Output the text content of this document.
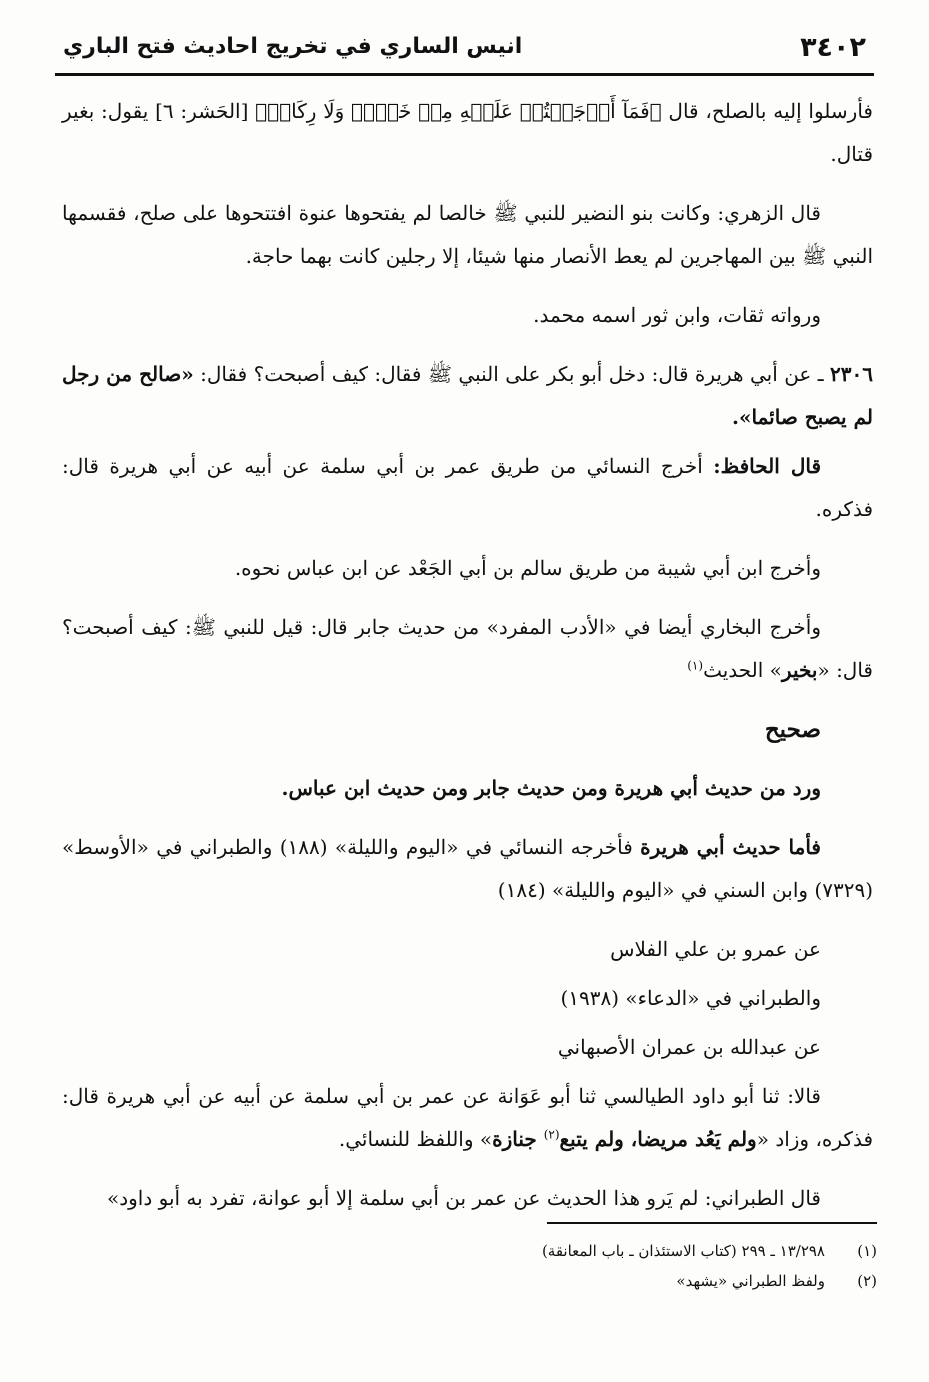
٣٤٠٢
انيس الساري في تخريج احاديث فتح الباري

فأرسلوا إليه بالصلح، قال ﴿فَمَآ أَوۡجَفۡتُمۡ عَلَيۡهِ مِنۡ خَيۡلٖ وَلَا رِكَابٖ﴾ [الحَشر: ٦] يقول: بغير قتال.

قال الزهري: وكانت بنو النضير للنبي ﷺ خالصا لم يفتحوها عنوة افتتحوها على صلح، فقسمها النبي ﷺ بين المهاجرين لم يعط الأنصار منها شيئا، إلا رجلين كانت بهما حاجة.

ورواته ثقات، وابن ثور اسمه محمد.

٢٣٠٦ ـ عن أبي هريرة قال: دخل أبو بكر على النبي ﷺ فقال: كيف أصبحت؟ فقال: «صالح من رجل لم يصبح صائما».

قال الحافظ: أخرج النسائي من طريق عمر بن أبي سلمة عن أبيه عن أبي هريرة قال: فذكره.

وأخرج ابن أبي شيبة من طريق سالم بن أبي الجَعْد عن ابن عباس نحوه.

وأخرج البخاري أيضا في «الأدب المفرد» من حديث جابر قال: قيل للنبي ﷺ: كيف أصبحت؟ قال: «بخير» الحديث$^{(١)}$

صحيح

ورد من حديث أبي هريرة ومن حديث جابر ومن حديث ابن عباس.

فأما حديث أبي هريرة فأخرجه النسائي في «اليوم والليلة» (١٨٨) والطبراني في «الأوسط» (٧٣٢٩) وابن السني في «اليوم والليلة» (١٨٤)

عن عمرو بن علي الفلاس

والطبراني في «الدعاء» (١٩٣٨)

عن عبدالله بن عمران الأصبهاني

قالا: ثنا أبو داود الطيالسي ثنا أبو عَوَانة عن عمر بن أبي سلمة عن أبيه عن أبي هريرة قال: فذكره، وزاد «ولم يَعُد مريضا، ولم يتبع$^{(٢)}$ جنازة» واللفظ للنسائي.

قال الطبراني: لم يَرو هذا الحديث عن عمر بن أبي سلمة إلا أبو عوانة، تفرد به أبو داود»

(١)
١٣/٢٩٨ ـ ٢٩٩ (كتاب الاستئذان ـ باب المعانقة)
(٢)
ولفظ الطبراني «يشهد»
